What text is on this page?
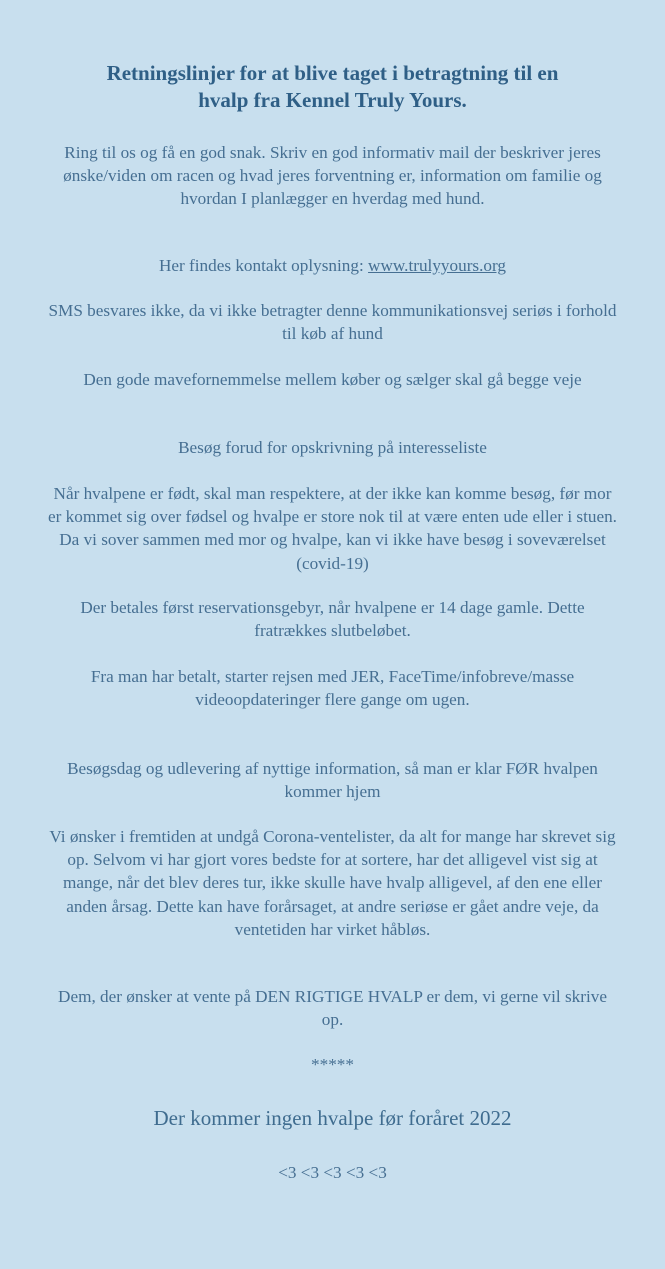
Retningslinjer for at blive taget i betragtning til en
hvalp fra Kennel Truly Yours.

Ring til os og få en god snak. Skriv en god informativ mail der beskriver jeres ønske/viden om racen og hvad jeres forventning er, information om familie og hvordan I planlægger en hverdag med hund.

Her findes kontakt oplysning: www.trulyyours.org

SMS besvares ikke, da vi ikke betragter denne kommunikationsvej seriøs i forhold til køb af hund

Den gode mavefornemmelse mellem køber og sælger skal gå begge veje

Besøg forud for opskrivning på interesseliste

Når hvalpene er født, skal man respektere, at der ikke kan komme besøg, før mor er kommet sig over fødsel og hvalpe er store nok til at være enten ude eller i stuen. Da vi sover sammen med mor og hvalpe, kan vi ikke have besøg i soveværelset (covid-19)

Der betales først reservationsgebyr, når hvalpene er 14 dage gamle. Dette fratrækkes slutbeløbet.

Fra man har betalt, starter rejsen med JER, FaceTime/infobreve/masse videoopdateringer flere gange om ugen.

Besøgsdag og udlevering af nyttige information, så man er klar FØR hvalpen kommer hjem

Vi ønsker i fremtiden at undgå Corona-ventelister, da alt for mange har skrevet sig op. Selvom vi har gjort vores bedste for at sortere, har det alligevel vist sig at mange, når det blev deres tur, ikke skulle have hvalp alligevel, af den ene eller anden årsag. Dette kan have forårsaget, at andre seriøse er gået andre veje, da ventetiden har virket håbløs.

Dem, der ønsker at vente på DEN RIGTIGE HVALP er dem, vi gerne vil skrive op.

*****

Der kommer ingen hvalpe før foråret 2022

<3 <3 <3 <3 <3
